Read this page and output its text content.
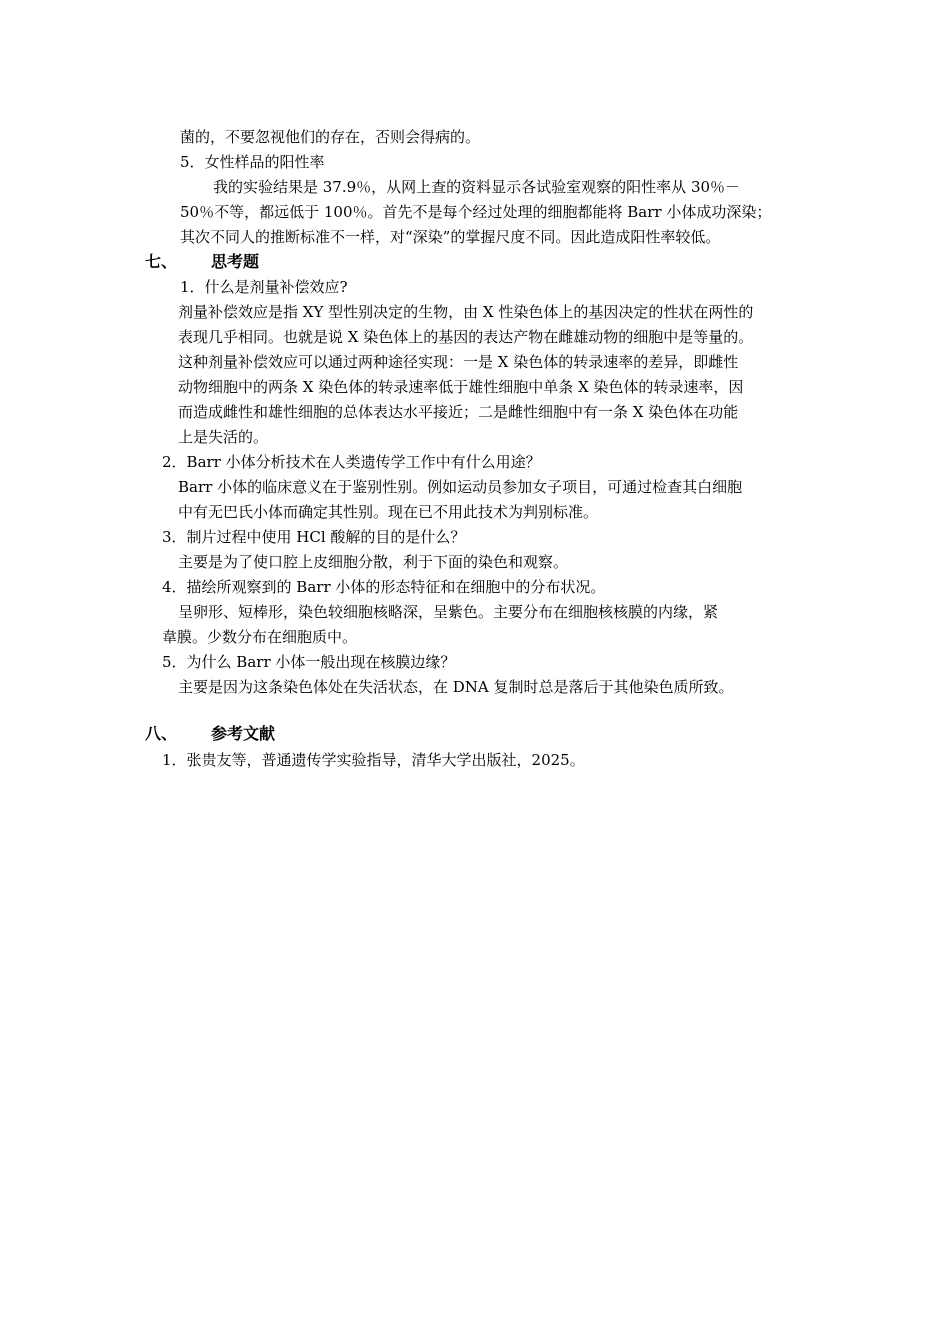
菌的，不要忽视他们的存在，否则会得病的。
5．女性样品的阳性率
我的实验结果是 37.9％，从网上查的资料显示各试验室观察的阳性率从 30％－
50％不等，都远低于 100％。首先不是每个经过处理的细胞都能将 Barr 小体成功深染；
其次不同人的推断标准不一样，对“深染”的掌握尺度不同。因此造成阳性率较低。
七、 思考题
1．什么是剂量补偿效应?
剂量补偿效应是指 XY 型性别决定的生物，由 X 性染色体上的基因决定的性状在两性的
表现几乎相同。也就是说 X 染色体上的基因的表达产物在雌雄动物的细胞中是等量的。
这种剂量补偿效应可以通过两种途径实现：一是 X 染色体的转录速率的差异，即雌性
动物细胞中的两条 X 染色体的转录速率低于雄性细胞中单条 X 染色体的转录速率，因
而造成雌性和雄性细胞的总体表达水平接近；二是雌性细胞中有一条 X 染色体在功能
上是失活的。
2．Barr 小体分析技术在人类遗传学工作中有什么用途？
Barr 小体的临床意义在于鉴别性别。例如运动员参加女子项目，可通过检查其白细胞
中有无巴氏小体而确定其性别。现在已不用此技术为判别标准。
3．制片过程中使用 HCl 酸解的目的是什么？
主要是为了使口腔上皮细胞分散，利于下面的染色和观察。
4．描绘所观察到的 Barr 小体的形态特征和在细胞中的分布状况。
呈卵形、短棒形，染色较细胞核略深，呈紫色。主要分布在细胞核核膜的内缘，紧
韋膜。少数分布在细胞质中。
5．为什么 Barr 小体一般出现在核膜边缘？
主要是因为这条染色体处在失活状态，在 DNA 复制时总是落后于其他染色质所致。
八、 参考文献
1．张贵友等，普通遗传学实验指导，清华大学出版社，2025。
